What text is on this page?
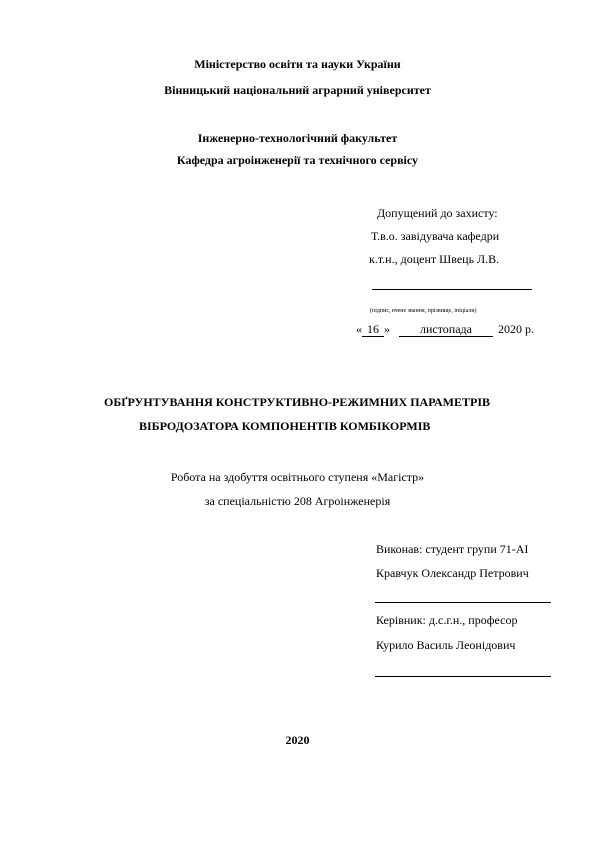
Міністерство освіти та науки України
Вінницький національний аграрний університет
Інженерно-технологічний факультет
Кафедра агроінженерії та технічного сервісу
Допущений до захисту:
Т.в.о. завідувача кафедри
к.т.н., доцент Швець Л.В.
(підпис, вчене звання, прізвище, ініціали)
« 16 » листопада 2020 р.
ОБҐРУНТУВАННЯ КОНСТРУКТИВНО-РЕЖИМНИХ ПАРАМЕТРІВ
ВІБРОДОЗАТОРА КОМПОНЕНТІВ КОМБІКОРМІВ
Робота на здобуття освітнього ступеня «Магістр»
за спеціальністю 208 Агроінженерія
Виконав: студент групи 71-АІ
Кравчук Олександр Петрович
Керівник: д.с.г.н., професор
Курило Василь Леонідович
2020
